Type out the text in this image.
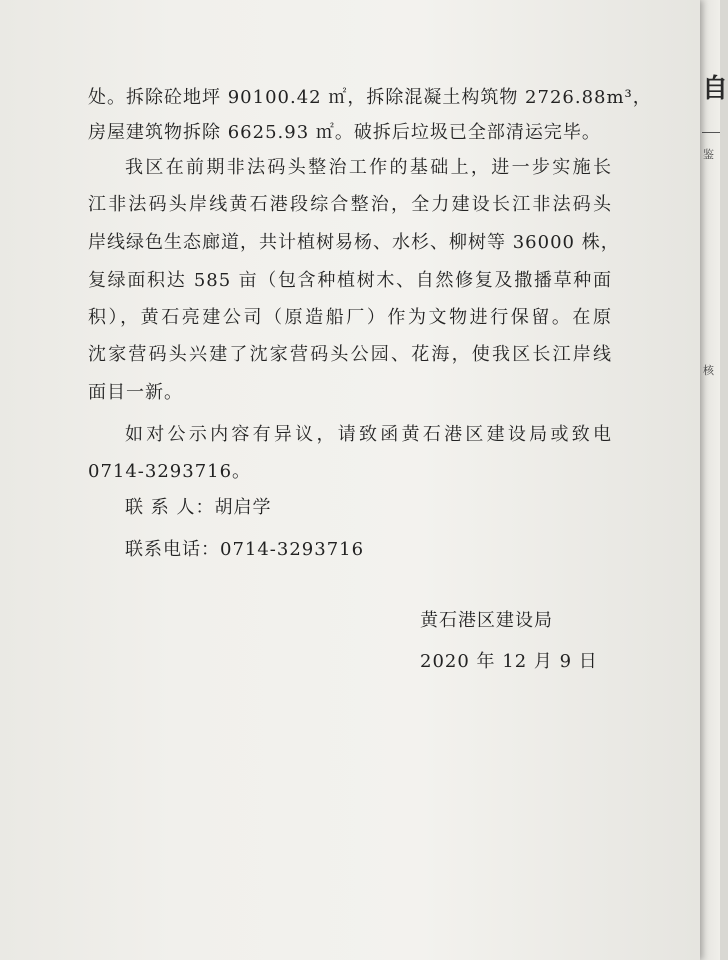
自
鉴
核
处。拆除砼地坪 90100.42 ㎡，拆除混凝土构筑物 2726.88m³，
房屋建筑物拆除 6625.93 ㎡。破拆后垃圾已全部清运完毕。
我区在前期非法码头整治工作的基础上，进一步实施长
江非法码头岸线黄石港段综合整治，全力建设长江非法码头
岸线绿色生态廊道，共计植树易杨、水杉、柳树等 36000 株，
复绿面积达 585 亩（包含种植树木、自然修复及撒播草种面
积），黄石亮建公司（原造船厂）作为文物进行保留。在原
沈家营码头兴建了沈家营码头公园、花海，使我区长江岸线
面目一新。
如对公示内容有异议，请致函黄石港区建设局或致电
0714-3293716。
联 系 人：胡启学
联系电话：0714-3293716
黄石港区建设局
2020 年 12 月 9 日
